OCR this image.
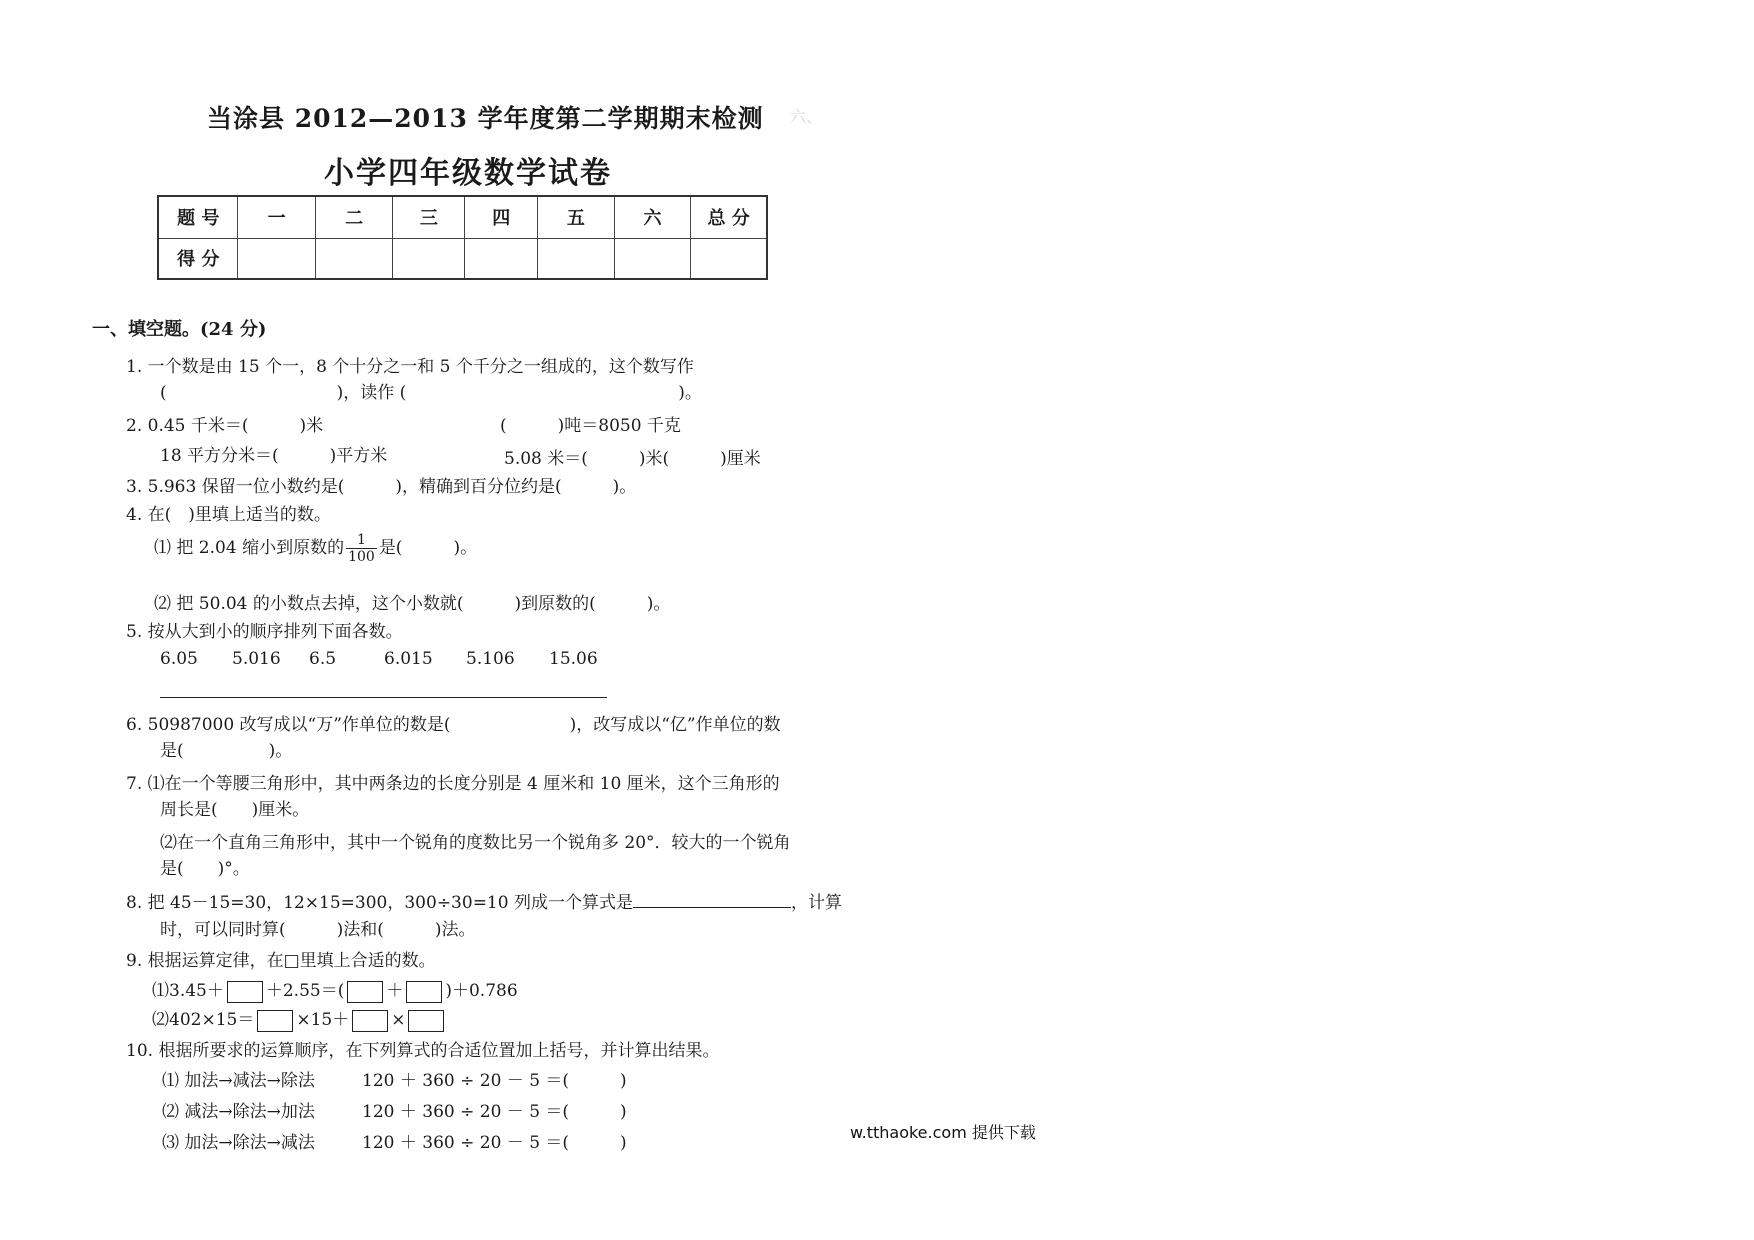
当涂县 2012—2013 学年度第二学期期末检测
小学四年级数学试卷
六、
题 号	一	二	三	四	五	六	总 分
得 分							
一、填空题。(24 分)
1. 一个数是由 15 个一，8 个十分之一和 5 个千分之一组成的，这个数写作
(　　　　　　　　　　)，读作 (　　　　　　　　　　　　　　　　)。
2. 0.45 千米＝(　　　)米	(　　　)吨＝8050 千克
18 平方分米＝(　　　)平方米	5.08 米＝(　　　)米(　　　)厘米
3. 5.963 保留一位小数约是(　　　)，精确到百分位约是(　　　)。
4. 在(　)里填上适当的数。
⑴ 把 2.04 缩小到原数的 $\frac{1}{100}$ 是(　　　)。
⑵ 把 50.04 的小数点去掉，这个小数就(　　　)到原数的(　　　)。
5. 按从大到小的顺序排列下面各数。
6.05 5.016 6.5	6.015 5.106 15.06
6. 50987000 改写成以“万”作单位的数是(　　　　　　　)，改写成以“亿”作单位的数
是(　　　　　)。
7. ⑴在一个等腰三角形中，其中两条边的长度分别是 4 厘米和 10 厘米，这个三角形的
周长是(　　)厘米。
⑵在一个直角三角形中，其中一个锐角的度数比另一个锐角多 20°．较大的一个锐角
是(　　)°。
8. 把 45－15=30，12×15=300，300÷30=10 列成一个算式是	，计算
时，可以同时算(　　　)法和(　　　)法。
9. 根据运算定律，在□里填上合适的数。
⑴3.45＋ ＋2.55＝( ＋ )＋0.786
⑵402×15＝ ×15＋ ×
10. 根据所要求的运算顺序，在下列算式的合适位置加上括号，并计算出结果。
⑴ 加法→减法→除法	120 ＋ 360 ÷ 20 － 5 ＝(　　　)
⑵ 减法→除法→加法	120 ＋ 360 ÷ 20 － 5 ＝(　　　)
⑶ 加法→除法→减法	120 ＋ 360 ÷ 20 － 5 ＝(　　　)
w.tthaoke.com 提供下载
